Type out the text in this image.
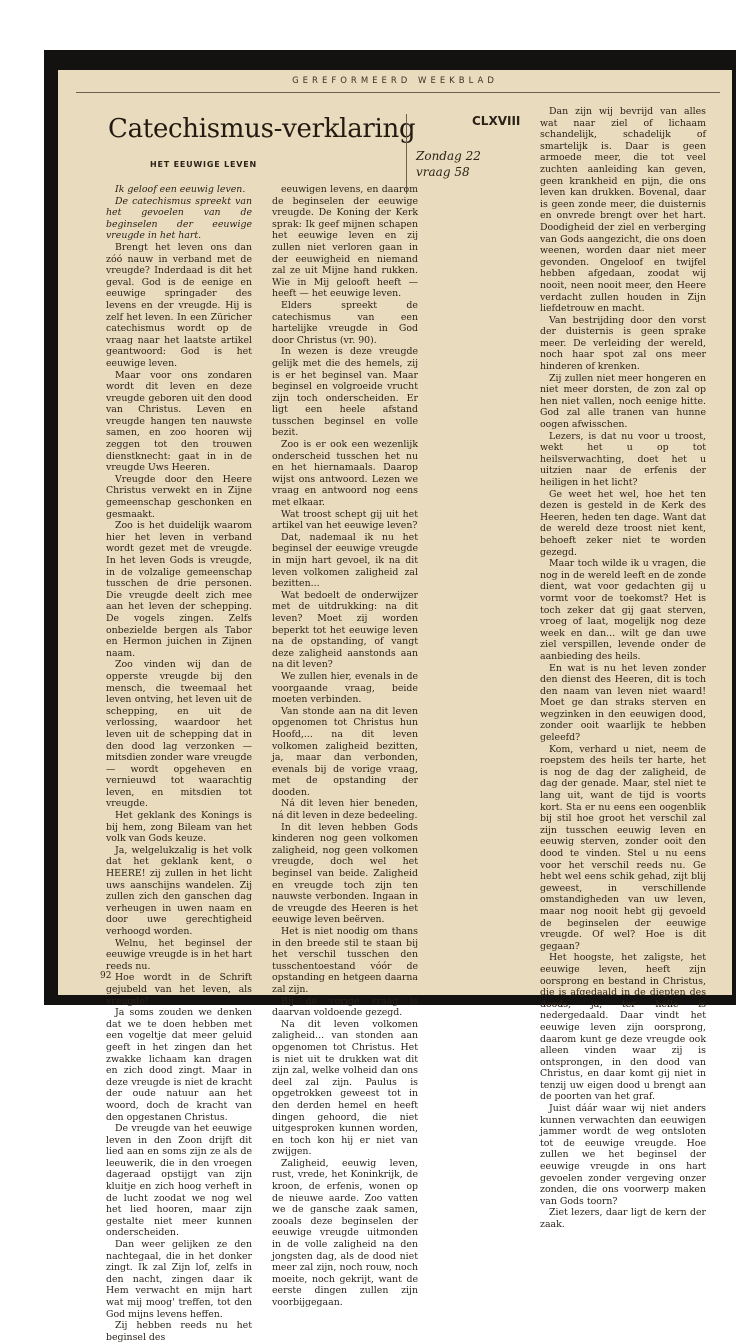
GEREFORMEERD WEEKBLAD
Catechismus-verklaring
HET EEUWIGE LEVEN
CLXVIII
Zondag 22
vraag 58

Ik geloof een eeuwig leven.

De catechismus spreekt van het gevoelen van de beginselen der eeuwige vreugde in het hart.

Brengt het leven ons dan zóó nauw in verband met de vreugde? Inderdaad is dit het geval. God is de eenige en eeuwige springader des levens en der vreugde. Hij is zelf het leven. In een Züricher catechismus wordt op de vraag naar het laatste artikel geantwoord: God is het eeuwige leven.

Maar voor ons zondaren wordt dit leven en deze vreugde geboren uit den dood van Christus. Leven en vreugde hangen ten nauwste samen, en zoo hooren wij zeggen tot den trouwen dienstknecht: gaat in in de vreugde Uws Heeren.

Vreugde door den Heere Christus verwekt en in Zijne gemeenschap geschonken en gesmaakt.

Zoo is het duidelijk waarom hier het leven in verband wordt gezet met de vreugde. In het leven Gods is vreugde, in de volzalige gemeenschap tusschen de drie personen. Die vreugde deelt zich mee aan het leven der schepping. De vogels zingen. Zelfs onbezielde bergen als Tabor en Hermon juichen in Zijnen naam.

Zoo vinden wij dan de opperste vreugde bij den mensch, die tweemaal het leven ontving, het leven uit de schepping, en uit de verlossing, waardoor het leven uit de schepping dat in den dood lag verzonken — mitsdien zonder ware vreugde — wordt opgeheven en vernieuwd tot waarachtig leven, en mitsdien tot vreugde.

Het geklank des Konings is bij hem, zong Bileam van het volk van Gods keuze.

Ja, welgelukzalig is het volk dat het geklank kent, o HEERE! zij zullen in het licht uws aanschijns wandelen. Zij zullen zich den ganschen dag verheugen in uwen naam en door uwe gerechtigheid verhoogd worden.

Welnu, het beginsel der eeuwige vreugde is in het hart reeds nu.

Hoe wordt in de Schrift gejubeld van het leven, als vreugde!

Ja soms zouden we denken dat we te doen hebben met een vogeltje dat meer geluid geeft in het zingen dan het zwakke lichaam kan dragen en zich dood zingt. Maar in deze vreugde is niet de kracht der oude natuur aan het woord, doch de kracht van den opgestanen Christus.

De vreugde van het eeuwige leven in den Zoon drijft dit lied aan en soms zijn ze als de leeuwerik, die in den vroegen dageraad opstijgt van zijn kluitje en zich hoog verheft in de lucht zoodat we nog wel het lied hooren, maar zijn gestalte niet meer kunnen onderscheiden.

Dan weer gelijken ze den nachtegaal, die in het donker zingt. Ik zal Zijn lof, zelfs in den nacht, zingen daar ik Hem verwacht en mijn hart wat mij moog' treffen, tot den God mijns levens heffen.

Zij hebben reeds nu het beginsel des

eeuwigen levens, en daarom de beginselen der eeuwige vreugde. De Koning der Kerk sprak: Ik geef mijnen schapen het eeuwige leven en zij zullen niet verloren gaan in der eeuwigheid en niemand zal ze uit Mijne hand rukken. Wie in Mij gelooft heeft — heeft — het eeuwige leven.

Elders spreekt de catechismus van een hartelijke vreugde in God door Christus (vr. 90).

In wezen is deze vreugde gelijk met die des hemels, zij is er het beginsel van. Maar beginsel en volgroeide vrucht zijn toch onderscheiden. Er ligt een heele afstand tusschen beginsel en volle bezit.

Zoo is er ook een wezenlijk onderscheid tusschen het nu en het hiernamaals. Daarop wijst ons antwoord. Lezen we vraag en antwoord nog eens met elkaar.

Wat troost schept gij uit het artikel van het eeuwige leven?

Dat, nademaal ik nu het beginsel der eeuwige vreugde in mijn hart gevoel, ik na dit leven volkomen zaligheid zal bezitten...

Wat bedoelt de onderwijzer met de uitdrukking: na dit leven? Moet zij worden beperkt tot het eeuwige leven na de opstanding, of vangt deze zaligheid aanstonds aan na dit leven?

We zullen hier, evenals in de voorgaande vraag, beide moeten verbinden.

Van stonde aan na dit leven opgenomen tot Christus hun Hoofd,... na dit leven volkomen zaligheid bezitten, ja, maar dan verbonden, evenals bij de vorige vraag, met de opstanding der dooden.

Ná dit leven hier beneden, ná dit leven in deze bedeeling.

In dit leven hebben Gods kinderen nog geen volkomen zaligheid, nog geen volkomen vreugde, doch wel het beginsel van beide. Zaligheid en vreugde toch zijn ten nauwste verbonden. Ingaan in de vreugde des Heeren is het eeuwige leven beërven.

Het is niet noodig om thans in den breede stil te staan bij het verschil tusschen den tusschentoestand vóór de opstanding en hetgeen daarna zal zijn.

Bij de vorige vraag is daarvan voldoende gezegd.

Na dit leven volkomen zaligheid... van stonden aan opgenomen tot Christus. Het is niet uit te drukken wat dit zijn zal, welke volheid dan ons deel zal zijn. Paulus is opgetrokken geweest tot in den derden hemel en heeft dingen gehoord, die niet uitgesproken kunnen worden, en toch kon hij er niet van zwijgen.

Zaligheid, eeuwig leven, rust, vrede, het Koninkrijk, de kroon, de erfenis, wonen op de nieuwe aarde. Zoo vatten we de gansche zaak samen, zooals deze beginselen der eeuwige vreugde uitmonden in de volle zaligheid na den jongsten dag, als de dood niet meer zal zijn, noch rouw, noch moeite, noch gekrijt, want de eerste dingen zullen zijn voorbijgegaan.

Dan zijn wij bevrijd van alles wat naar ziel of lichaam schandelijk, schadelijk of smartelijk is. Daar is geen armoede meer, die tot veel zuchten aanleiding kan geven, geen krankheid en pijn, die ons leven kan drukken. Bovenal, daar is geen zonde meer, die duisternis en onvrede brengt over het hart. Doodigheid der ziel en verberging van Gods aangezicht, die ons doen weenen, worden daar niet meer gevonden. Ongeloof en twijfel hebben afgedaan, zoodat wij nooit, neen nooit meer, den Heere verdacht zullen houden in Zijn liefdetrouw en macht.

Van bestrijding door den vorst der duisternis is geen sprake meer. De verleiding der wereld, noch haar spot zal ons meer hinderen of krenken.

Zij zullen niet meer hongeren en niet meer dorsten, de zon zal op hen niet vallen, noch eenige hitte. God zal alle tranen van hunne oogen afwisschen.

Lezers, is dat nu voor u troost, wekt het u op tot heilsverwachting, doet het u uitzien naar de erfenis der heiligen in het licht?

Ge weet het wel, hoe het ten dezen is gesteld in de Kerk des Heeren, heden ten dage. Want dat de wereld deze troost niet kent, behoeft zeker niet te worden gezegd.

Maar toch wilde ik u vragen, die nog in de wereld leeft en de zonde dient, wat voor gedachten gij u vormt voor de toekomst? Het is toch zeker dat gij gaat sterven, vroeg of laat, mogelijk nog deze week en dan... wilt ge dan uwe ziel verspillen, levende onder de aanbieding des heils.

En wat is nu het leven zonder den dienst des Heeren, dit is toch den naam van leven niet waard! Moet ge dan straks sterven en wegzinken in den eeuwigen dood, zonder ooit waarlijk te hebben geleefd?

Kom, verhard u niet, neem de roepstem des heils ter harte, het is nog de dag der zaligheid, de dag der genade. Maar, stel niet te lang uit, want de tijd is voorts kort. Sta er nu eens een oogenblik bij stil hoe groot het verschil zal zijn tusschen eeuwig leven en eeuwig sterven, zonder ooit den dood te vinden. Stel u nu eens voor het verschil reeds nu. Ge hebt wel eens schik gehad, zijt blij geweest, in verschillende omstandigheden van uw leven, maar nog nooit hebt gij gevoeld de beginselen der eeuwige vreugde. Of wel? Hoe is dit gegaan?

Het hoogste, het zaligste, het eeuwige leven, heeft zijn oorsprong en bestand in Christus, die is afgedaald in de diepten des doods, ja, ter helle is nedergedaald. Daar vindt het eeuwige leven zijn oorsprong, daarom kunt ge deze vreugde ook alleen vinden waar zij is ontsprongen, in den dood van Christus, en daar komt gij niet in tenzij uw eigen dood u brengt aan de poorten van het graf.

Juist dáár waar wij niet anders kunnen verwachten dan eeuwigen jammer wordt de weg ontsloten tot de eeuwige vreugde. Hoe zullen we het beginsel der eeuwige vreugde in ons hart gevoelen zonder vergeving onzer zonden, die ons voorwerp maken van Gods toorn?

Ziet lezers, daar ligt de kern der zaak.

92
